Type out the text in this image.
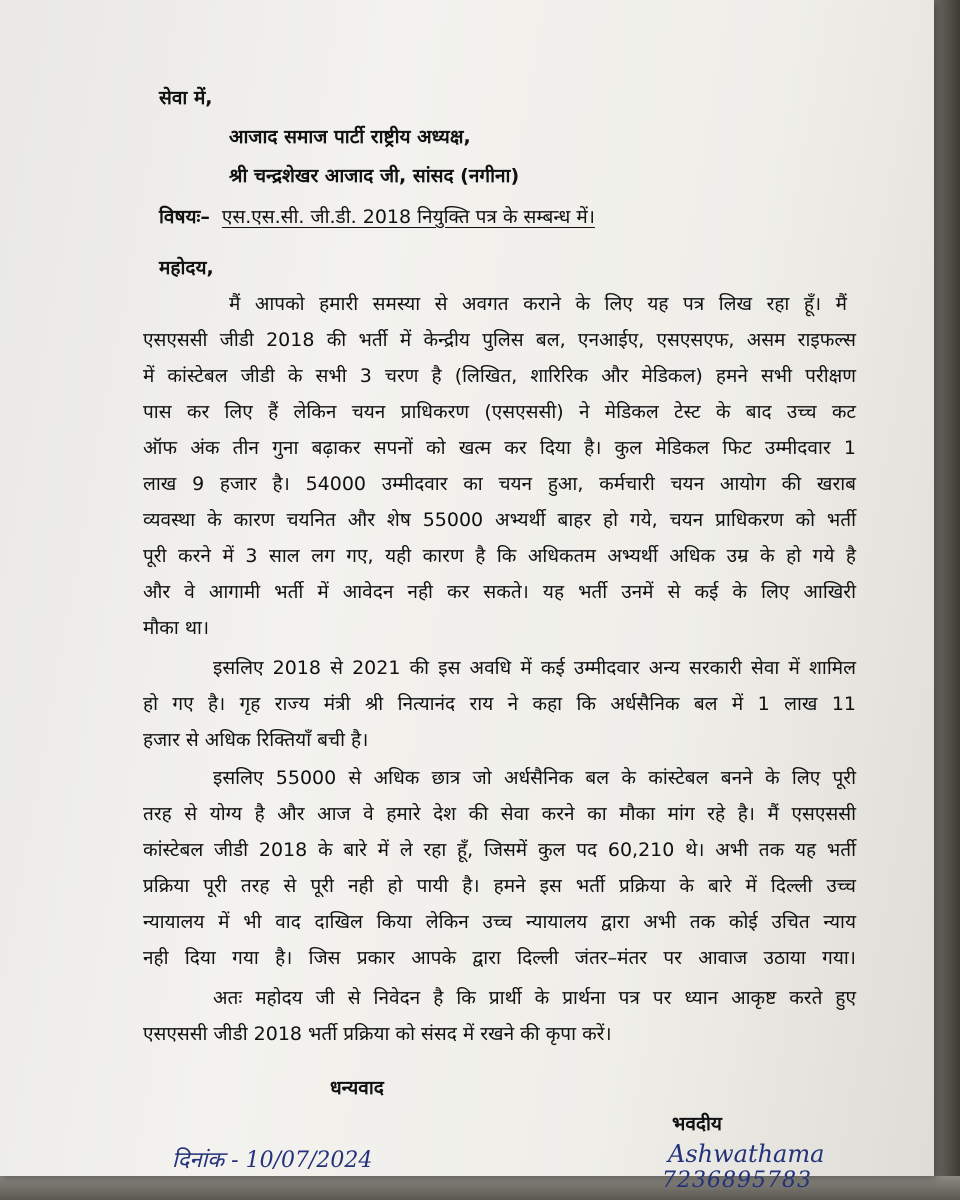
सेवा में,
आजाद समाज पार्टी राष्ट्रीय अध्यक्ष,
श्री चन्द्रशेखर आजाद जी, सांसद (नगीना)
विषयः– एस.एस.सी. जी.डी. 2018 नियुक्ति पत्र के सम्बन्ध में।
महोदय,
मैं आपको हमारी समस्या से अवगत कराने के लिए यह पत्र लिख रहा हूँ। मैं
एसएससी जीडी 2018 की भर्ती में केन्द्रीय पुलिस बल, एनआईए, एसएसएफ, असम राइफल्स
में कांस्टेबल जीडी के सभी 3 चरण है (लिखित, शारिरिक और मेडिकल) हमने सभी परीक्षण
पास कर लिए हैं लेकिन चयन प्राधिकरण (एसएससी) ने मेडिकल टेस्ट के बाद उच्च कट
ऑफ अंक तीन गुना बढ़ाकर सपनों को खत्म कर दिया है। कुल मेडिकल फिट उम्मीदवार 1
लाख 9 हजार है। 54000 उम्मीदवार का चयन हुआ, कर्मचारी चयन आयोग की खराब
व्यवस्था के कारण चयनित और शेष 55000 अभ्यर्थी बाहर हो गये, चयन प्राधिकरण को भर्ती
पूरी करने में 3 साल लग गए, यही कारण है कि अधिकतम अभ्यर्थी अधिक उम्र के हो गये है
और वे आगामी भर्ती में आवेदन नही कर सकते। यह भर्ती उनमें से कई के लिए आखिरी
मौका था।
इसलिए 2018 से 2021 की इस अवधि में कई उम्मीदवार अन्य सरकारी सेवा में शामिल
हो गए है। गृह राज्य मंत्री श्री नित्यानंद राय ने कहा कि अर्धसैनिक बल में 1 लाख 11
हजार से अधिक रिक्तियॉं बची है।
इसलिए 55000 से अधिक छात्र जो अर्धसैनिक बल के कांस्टेबल बनने के लिए पूरी
तरह से योग्य है और आज वे हमारे देश की सेवा करने का मौका मांग रहे है। मैं एसएससी
कांस्टेबल जीडी 2018 के बारे में ले रहा हूँ, जिसमें कुल पद 60,210 थे। अभी तक यह भर्ती
प्रक्रिया पूरी तरह से पूरी नही हो पायी है। हमने इस भर्ती प्रक्रिया के बारे में दिल्ली उच्च
न्यायालय में भी वाद दाखिल किया लेकिन उच्च न्यायालय द्वारा अभी तक कोई उचित न्याय
नही दिया गया है। जिस प्रकार आपके द्वारा दिल्ली जंतर–मंतर पर आवाज उठाया गया।
अतः महोदय जी से निवेदन है कि प्रार्थी के प्रार्थना पत्र पर ध्यान आकृष्ट करते हुए
एसएससी जीडी 2018 भर्ती प्रक्रिया को संसद में रखने की कृपा करें।
धन्यवाद
भवदीय
दिनांक - 10/07/2024	Ashwathama
7236895783
